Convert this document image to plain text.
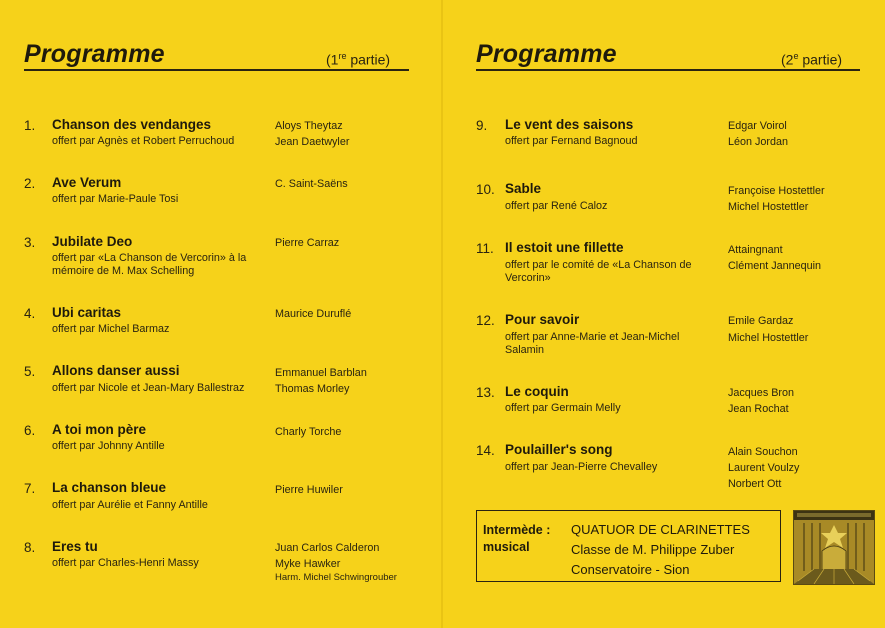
Programme	(1re partie)
1. Chanson des vendanges
offert par Agnès et Robert Perruchoud
Aloys Theytaz
Jean Daetwyler
2. Ave Verum
offert par Marie-Paule Tosi
C. Saint-Saëns
3. Jubilate Deo
offert par «La Chanson de Vercorin» à la
mémoire de M. Max Schelling
Pierre Carraz
4. Ubi caritas
offert par Michel Barmaz
Maurice Duruflé
5. Allons danser aussi
offert par Nicole et Jean-Mary Ballestraz
Emmanuel Barblan
Thomas Morley
6. A toi mon père
offert par Johnny Antille
Charly Torche
7. La chanson bleue
offert par Aurélie et Fanny Antille
Pierre Huwiler
8. Eres tu
offert par Charles-Henri Massy
Juan Carlos Calderon
Myke Hawker
Harm. Michel Schwingrouber
Programme	(2e partie)
9. Le vent des saisons
offert par Fernand Bagnoud
Edgar Voirol
Léon Jordan
10. Sable
offert par René Caloz
Françoise Hostettler
Michel Hostettler
11. Il estoit une fillette
offert par le comité de «La Chanson de
Vercorin»
Attaingnant
Clément Jannequin
12. Pour savoir
offert par Anne-Marie et Jean-Michel
Salamin
Emile Gardaz
Michel Hostettler
13. Le coquin
offert par Germain Melly
Jacques Bron
Jean Rochat
14. Poulailler's song
offert par Jean-Pierre Chevalley
Alain Souchon
Laurent Voulzy
Norbert Ott
Intermède :
musical
QUATUOR DE CLARINETTES
Classe de M. Philippe Zuber
Conservatoire - Sion
